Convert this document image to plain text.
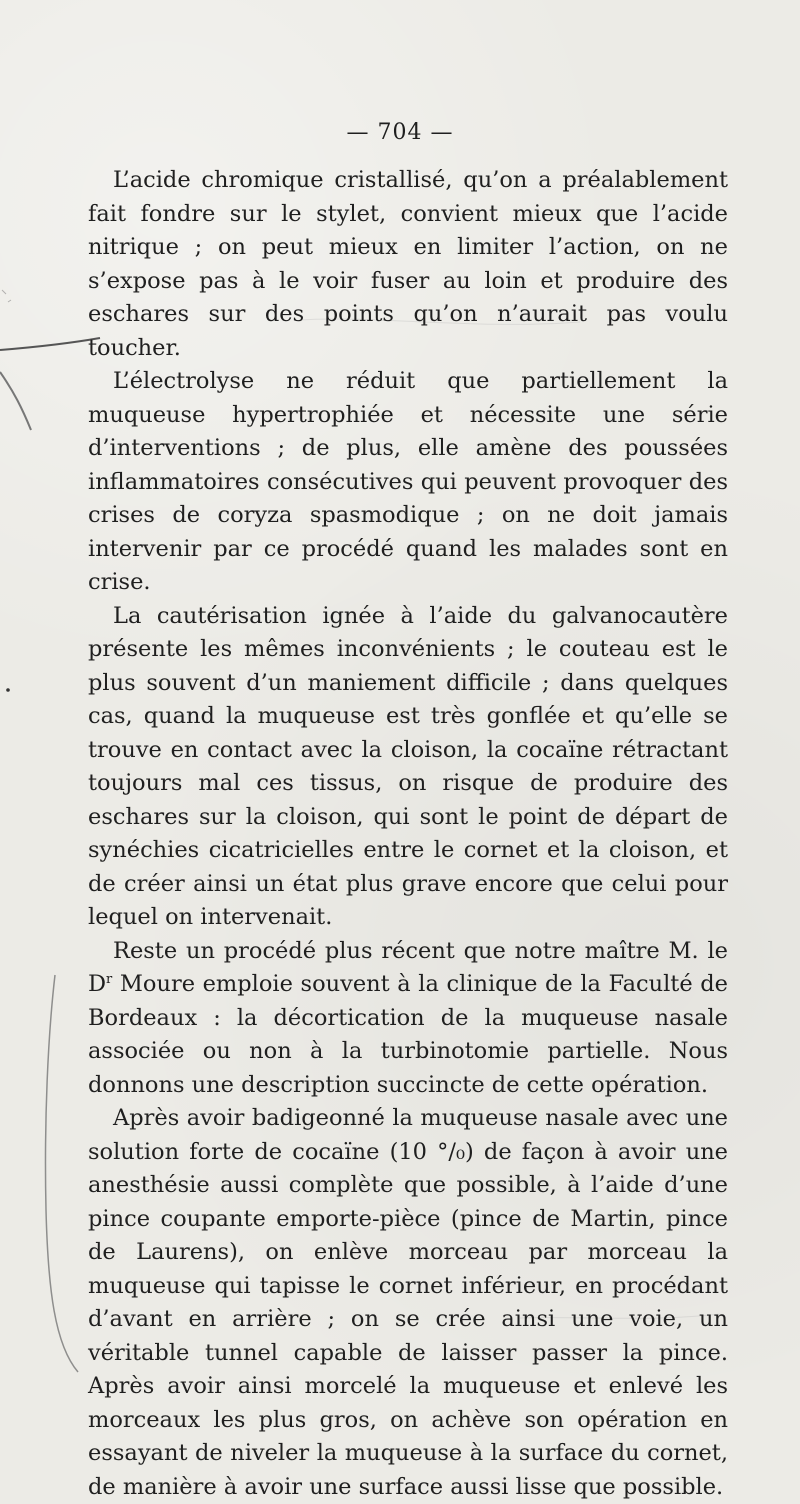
— 704 —

L’acide chromique cristallisé, qu’on a préalablement fait fondre sur le stylet, convient mieux que l’acide nitrique ; on peut mieux en limiter l’action, on ne s’expose pas à le voir fuser au loin et produire des eschares sur des points qu’on n’aurait pas voulu toucher.

L’électrolyse ne réduit que partiellement la muqueuse hypertrophiée et nécessite une série d’interventions ; de plus, elle amène des poussées inflammatoires consécutives qui peuvent provoquer des crises de coryza spasmodique ; on ne doit jamais intervenir par ce procédé quand les malades sont en crise.

La cautérisation ignée à l’aide du galvanocautère présente les mêmes inconvénients ; le couteau est le plus souvent d’un maniement difficile ; dans quelques cas, quand la muqueuse est très gonflée et qu’elle se trouve en contact avec la cloison, la cocaïne rétractant toujours mal ces tissus, on risque de produire des eschares sur la cloison, qui sont le point de départ de synéchies cicatricielles entre le cornet et la cloison, et de créer ainsi un état plus grave encore que celui pour lequel on intervenait.

Reste un procédé plus récent que notre maître M. le $D^r$ Moure emploie souvent à la clinique de la Faculté de Bordeaux : la décortication de la muqueuse nasale associée ou non à la turbinotomie partielle. Nous donnons une description succincte de cette opération.

Après avoir badigeonné la muqueuse nasale avec une solution forte de cocaïne (10 °/₀) de façon à avoir une anesthésie aussi complète que possible, à l’aide d’une pince coupante emporte-pièce (pince de Martin, pince de Laurens), on enlève morceau par morceau la muqueuse qui tapisse le cornet inférieur, en procédant d’avant en arrière ; on se crée ainsi une voie, un véritable tunnel capable de laisser passer la pince. Après avoir ainsi morcelé la muqueuse et enlevé les morceaux les plus gros, on achève son opération en essayant de niveler la muqueuse à la surface du cornet, de manière à avoir une surface aussi lisse que possible.
